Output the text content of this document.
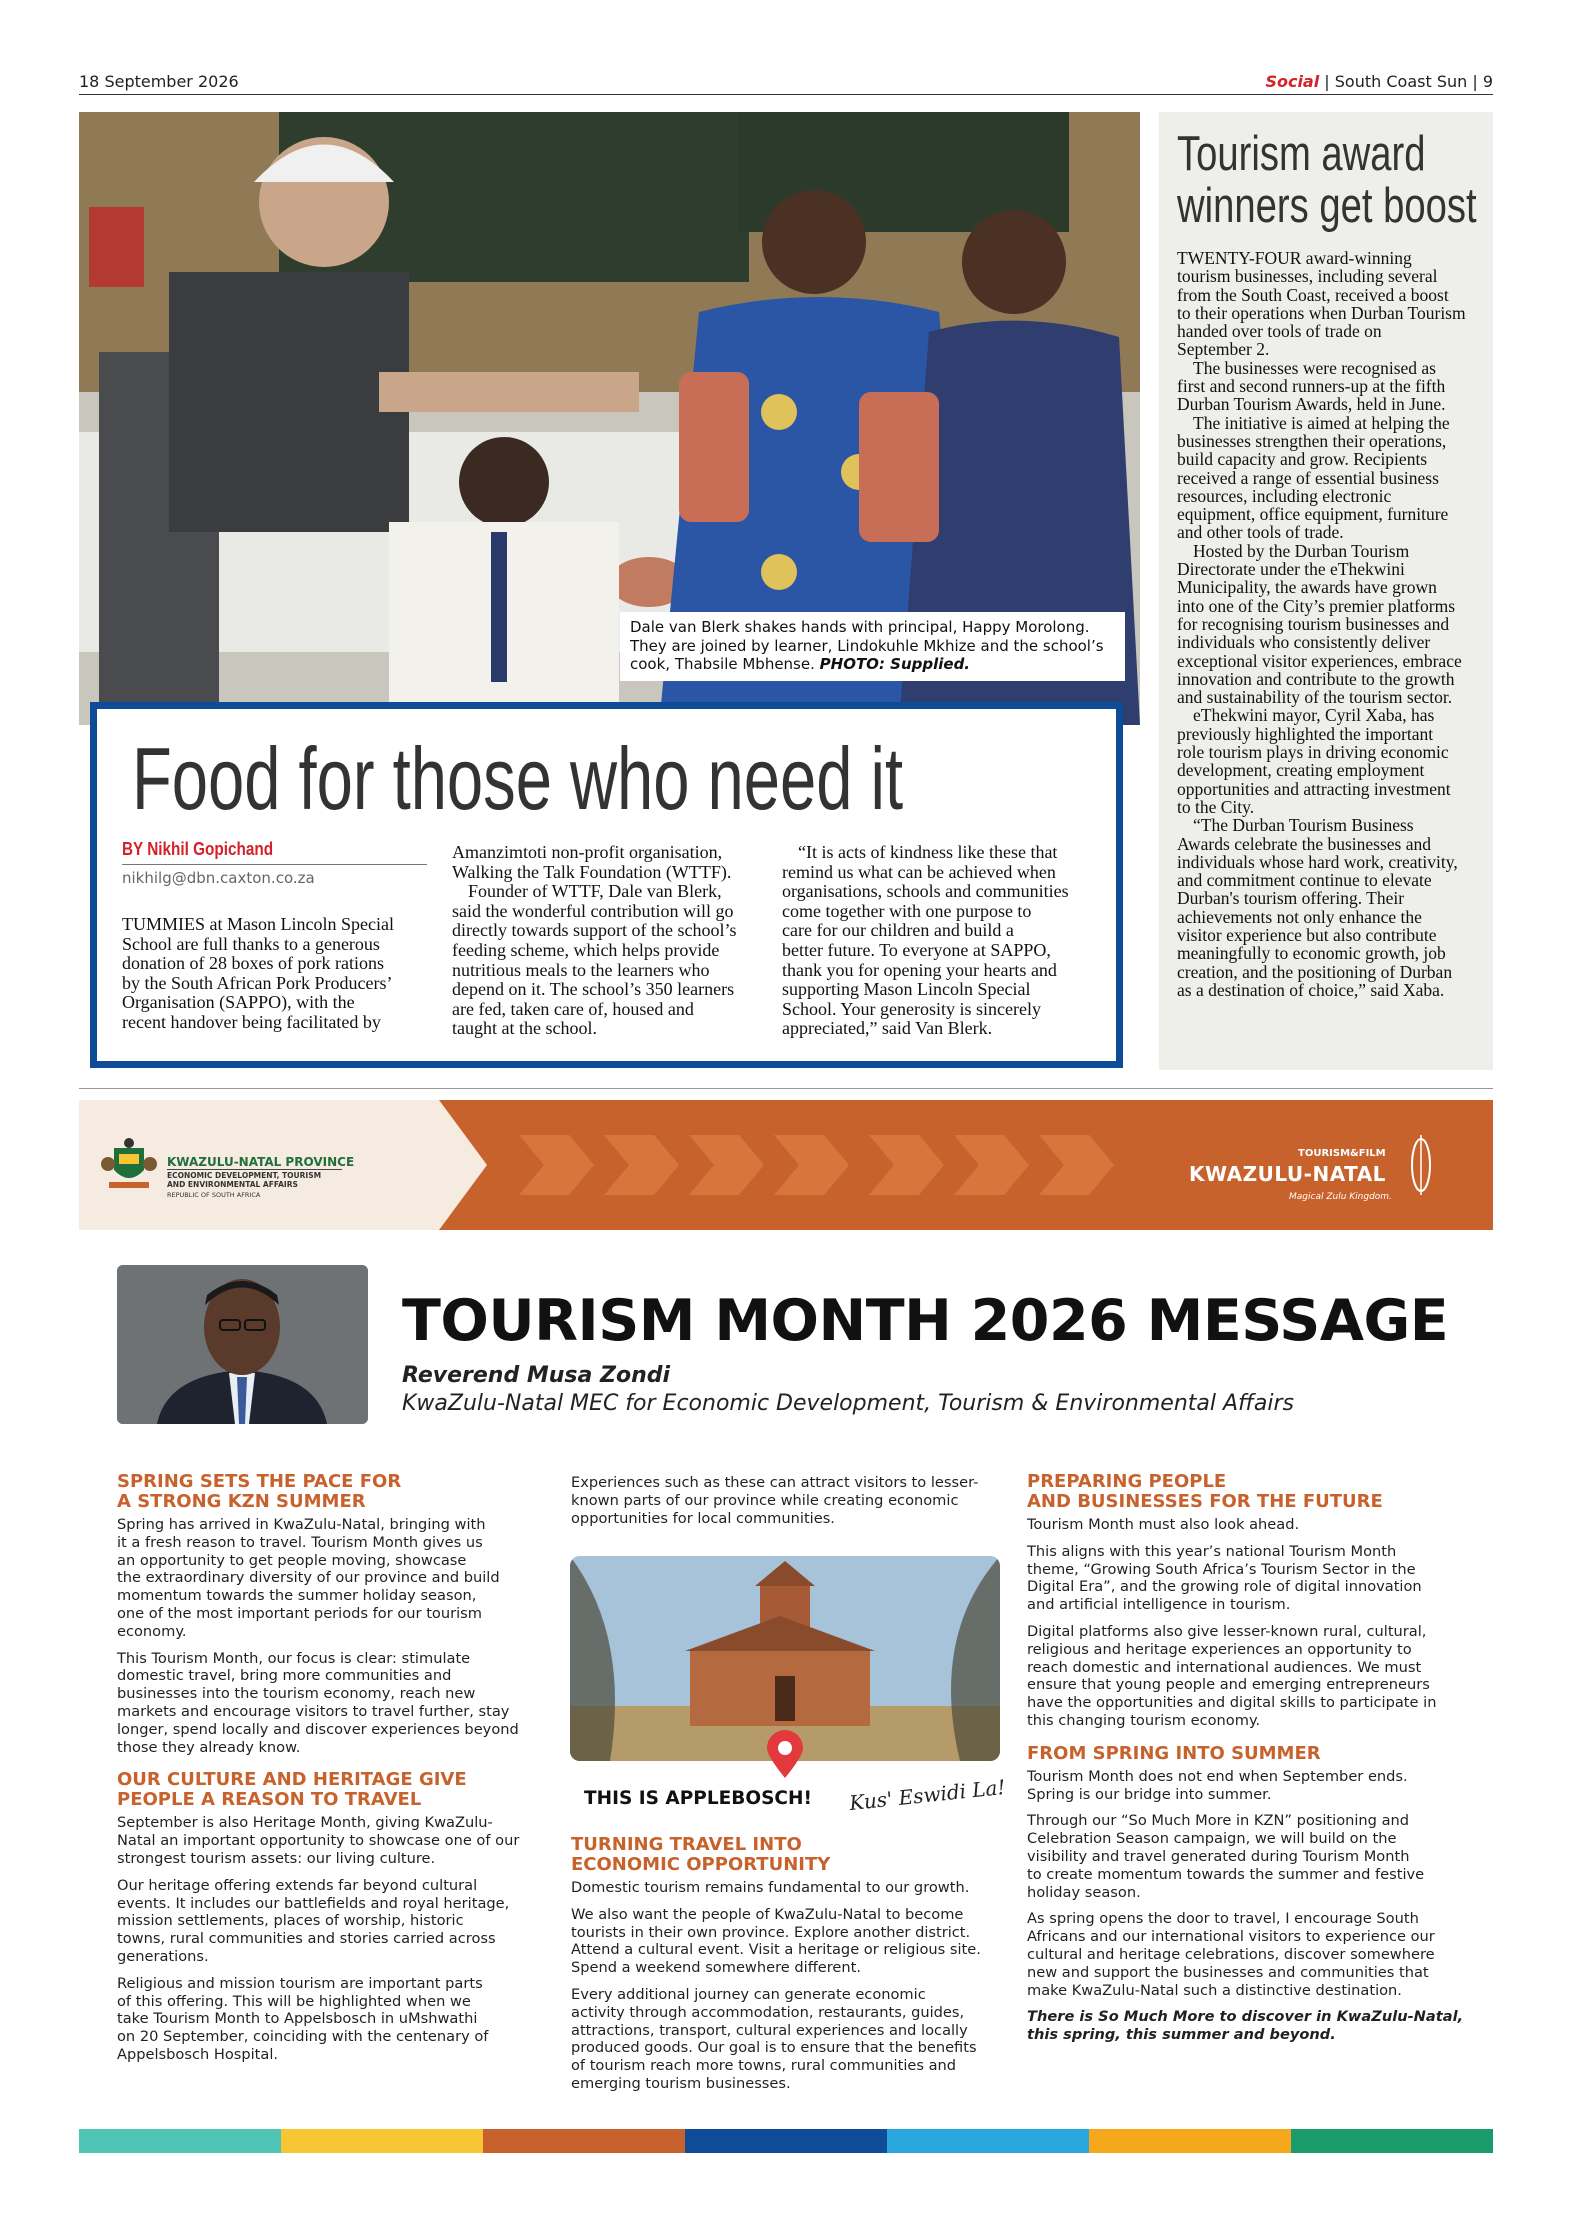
18 September 2026	Social | South Coast Sun | 9
Dale van Blerk shakes hands with principal, Happy Morolong.
They are joined by learner, Lindokuhle Mkhize and the school’s
cook, Thabsile Mbhense. PHOTO: Supplied.
Food for those who need it
BY Nikhil Gopichand
nikhilg@dbn.caxton.co.za
TUMMIES at Mason Lincoln Special
School are full thanks to a generous
donation of 28 boxes of pork rations
by the South African Pork Producers’
Organisation (SAPPO), with the
recent handover being facilitated by
Amanzimtoti non-profit organisation,
Walking the Talk Foundation (WTTF).
Founder of WTTF, Dale van Blerk,
said the wonderful contribution will go
directly towards support of the school’s
feeding scheme, which helps provide
nutritious meals to the learners who
depend on it. The school’s 350 learners
are fed, taken care of, housed and
taught at the school.
“It is acts of kindness like these that
remind us what can be achieved when
organisations, schools and communities
come together with one purpose to
care for our children and build a
better future. To everyone at SAPPO,
thank you for opening your hearts and
supporting Mason Lincoln Special
School. Your generosity is sincerely
appreciated,” said Van Blerk.
Tourism award
winners get boost
TWENTY-FOUR award-winning
tourism businesses, including several
from the South Coast, received a boost
to their operations when Durban Tourism
handed over tools of trade on
September 2.
The businesses were recognised as
first and second runners-up at the fifth
Durban Tourism Awards, held in June.
The initiative is aimed at helping the
businesses strengthen their operations,
build capacity and grow. Recipients
received a range of essential business
resources, including electronic
equipment, office equipment, furniture
and other tools of trade.
Hosted by the Durban Tourism
Directorate under the eThekwini
Municipality, the awards have grown
into one of the City’s premier platforms
for recognising tourism businesses and
individuals who consistently deliver
exceptional visitor experiences, embrace
innovation and contribute to the growth
and sustainability of the tourism sector.
eThekwini mayor, Cyril Xaba, has
previously highlighted the important
role tourism plays in driving economic
development, creating employment
opportunities and attracting investment
to the City.
“The Durban Tourism Business
Awards celebrate the businesses and
individuals whose hard work, creativity,
and commitment continue to elevate
Durban's tourism offering. Their
achievements not only enhance the
visitor experience but also contribute
meaningfully to economic growth, job
creation, and the positioning of Durban
as a destination of choice,” said Xaba.
KWAZULU-NATAL PROVINCE
ECONOMIC DEVELOPMENT, TOURISM
AND ENVIRONMENTAL AFFAIRS
REPUBLIC OF SOUTH AFRICA
TOURISM&FILM
KWAZULU-NATAL
Magical Zulu Kingdom.
TOURISM MONTH 2026 MESSAGE
Reverend Musa Zondi
KwaZulu-Natal MEC for Economic Development, Tourism & Environmental Affairs
SPRING SETS THE PACE FOR
A STRONG KZN SUMMER

Spring has arrived in KwaZulu-Natal, bringing with
it a fresh reason to travel. Tourism Month gives us
an opportunity to get people moving, showcase
the extraordinary diversity of our province and build
momentum towards the summer holiday season,
one of the most important periods for our tourism
economy.

This Tourism Month, our focus is clear: stimulate
domestic travel, bring more communities and
businesses into the tourism economy, reach new
markets and encourage visitors to travel further, stay
longer, spend locally and discover experiences beyond
those they already know.

OUR CULTURE AND HERITAGE GIVE
PEOPLE A REASON TO TRAVEL

September is also Heritage Month, giving KwaZulu-
Natal an important opportunity to showcase one of our
strongest tourism assets: our living culture.

Our heritage offering extends far beyond cultural
events. It includes our battlefields and royal heritage,
mission settlements, places of worship, historic
towns, rural communities and stories carried across
generations.

Religious and mission tourism are important parts
of this offering. This will be highlighted when we
take Tourism Month to Appelsbosch in uMshwathi
on 20 September, coinciding with the centenary of
Appelsbosch Hospital.

Experiences such as these can attract visitors to lesser-
known parts of our province while creating economic
opportunities for local communities.

THIS IS APPLEBOSCH! Kus' Eswidi La!
TURNING TRAVEL INTO
ECONOMIC OPPORTUNITY

Domestic tourism remains fundamental to our growth.

We also want the people of KwaZulu-Natal to become
tourists in their own province. Explore another district.
Attend a cultural event. Visit a heritage or religious site.
Spend a weekend somewhere different.

Every additional journey can generate economic
activity through accommodation, restaurants, guides,
attractions, transport, cultural experiences and locally
produced goods. Our goal is to ensure that the benefits
of tourism reach more towns, rural communities and
emerging tourism businesses.

PREPARING PEOPLE
AND BUSINESSES FOR THE FUTURE

Tourism Month must also look ahead.

This aligns with this year’s national Tourism Month
theme, “Growing South Africa’s Tourism Sector in the
Digital Era”, and the growing role of digital innovation
and artificial intelligence in tourism.

Digital platforms also give lesser-known rural, cultural,
religious and heritage experiences an opportunity to
reach domestic and international audiences. We must
ensure that young people and emerging entrepreneurs
have the opportunities and digital skills to participate in
this changing tourism economy.

FROM SPRING INTO SUMMER

Tourism Month does not end when September ends.
Spring is our bridge into summer.

Through our “So Much More in KZN” positioning and
Celebration Season campaign, we will build on the
visibility and travel generated during Tourism Month
to create momentum towards the summer and festive
holiday season.

As spring opens the door to travel, I encourage South
Africans and our international visitors to experience our
cultural and heritage celebrations, discover somewhere
new and support the businesses and communities that
make KwaZulu-Natal such a distinctive destination.

There is So Much More to discover in KwaZulu-Natal,
this spring, this summer and beyond.
